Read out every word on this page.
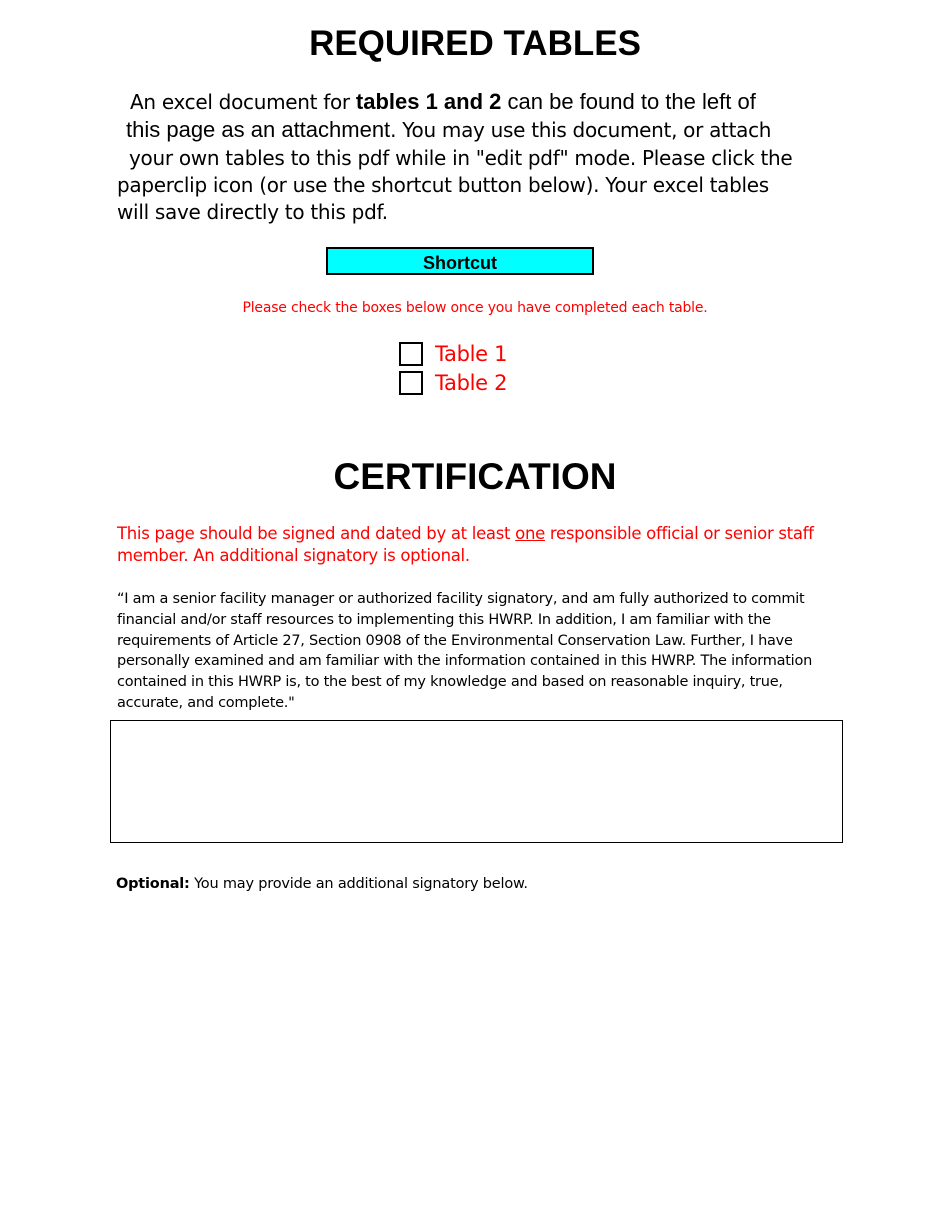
REQUIRED TABLES

An excel document for tables 1 and 2 can be found to the left of
this page as an attachment. You may use this document, or attach
your own tables to this pdf while in "edit pdf" mode. Please click the
paperclip icon (or use the shortcut button below). Your excel tables
will save directly to this pdf.

Shortcut

Please check the boxes below once you have completed each table.

Table 1
Table 2
CERTIFICATION

This page should be signed and dated by at least one responsible official or senior staff member. An additional signatory is optional.

“I am a senior facility manager or authorized facility signatory, and am fully authorized to commit financial and/or staff resources to implementing this HWRP. In addition, I am familiar with the requirements of Article 27, Section 0908 of the Environmental Conservation Law. Further, I have personally examined and am familiar with the information contained in this HWRP. The information contained in this HWRP is, to the best of my knowledge and based on reasonable inquiry, true, accurate, and complete."

Optional: You may provide an additional signatory below.
